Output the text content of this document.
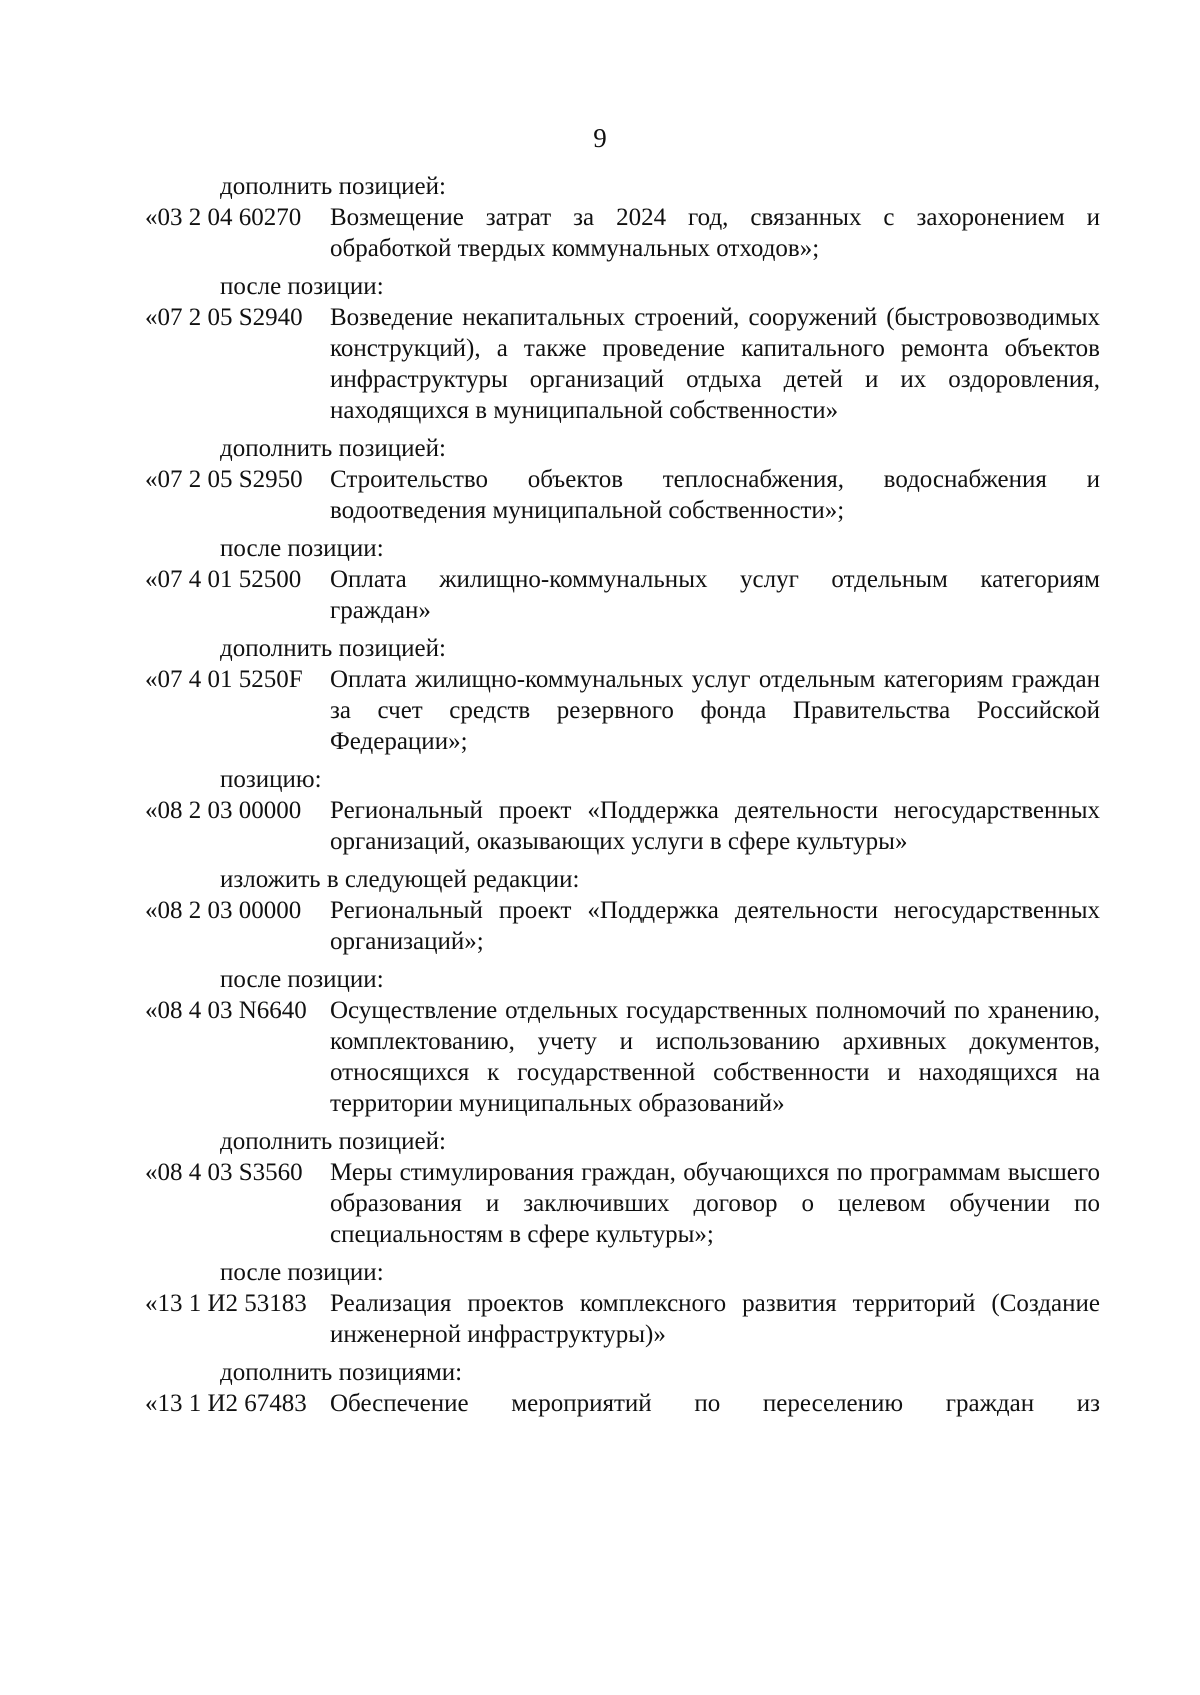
9
дополнить позицией:
«03 2 04 60270	Возмещение затрат за 2024 год, связанных с захоронением и обработкой твердых коммунальных отходов»;
после позиции:
«07 2 05 S2940	Возведение некапитальных строений, сооружений (быстровозводимых конструкций), а также проведение капитального ремонта объектов инфраструктуры организаций отдыха детей и их оздоровления, находящихся в муниципальной собственности»
дополнить позицией:
«07 2 05 S2950	Строительство объектов теплоснабжения, водоснабжения и водоотведения муниципальной собственности»;
после позиции:
«07 4 01 52500	Оплата жилищно-коммунальных услуг отдельным категориям граждан»
дополнить позицией:
«07 4 01 5250F	Оплата жилищно-коммунальных услуг отдельным категориям граждан за счет средств резервного фонда Правительства Российской Федерации»;
позицию:
«08 2 03 00000	Региональный проект «Поддержка деятельности негосударственных организаций, оказывающих услуги в сфере культуры»
изложить в следующей редакции:
«08 2 03 00000	Региональный проект «Поддержка деятельности негосударственных организаций»;
после позиции:
«08 4 03 N6640 Осуществление отдельных государственных полномочий по хранению, комплектованию, учету и использованию архивных документов, относящихся к государственной собственности и находящихся на территории муниципальных образований»
дополнить позицией:
«08 4 03 S3560	Меры стимулирования граждан, обучающихся по программам высшего образования и заключивших договор о целевом обучении по специальностям в сфере культуры»;
после позиции:
«13 1 И2 53183 Реализация проектов комплексного развития территорий (Создание инженерной инфраструктуры)»
дополнить позициями:
«13 1 И2 67483 Обеспечение мероприятий по переселению граждан из
